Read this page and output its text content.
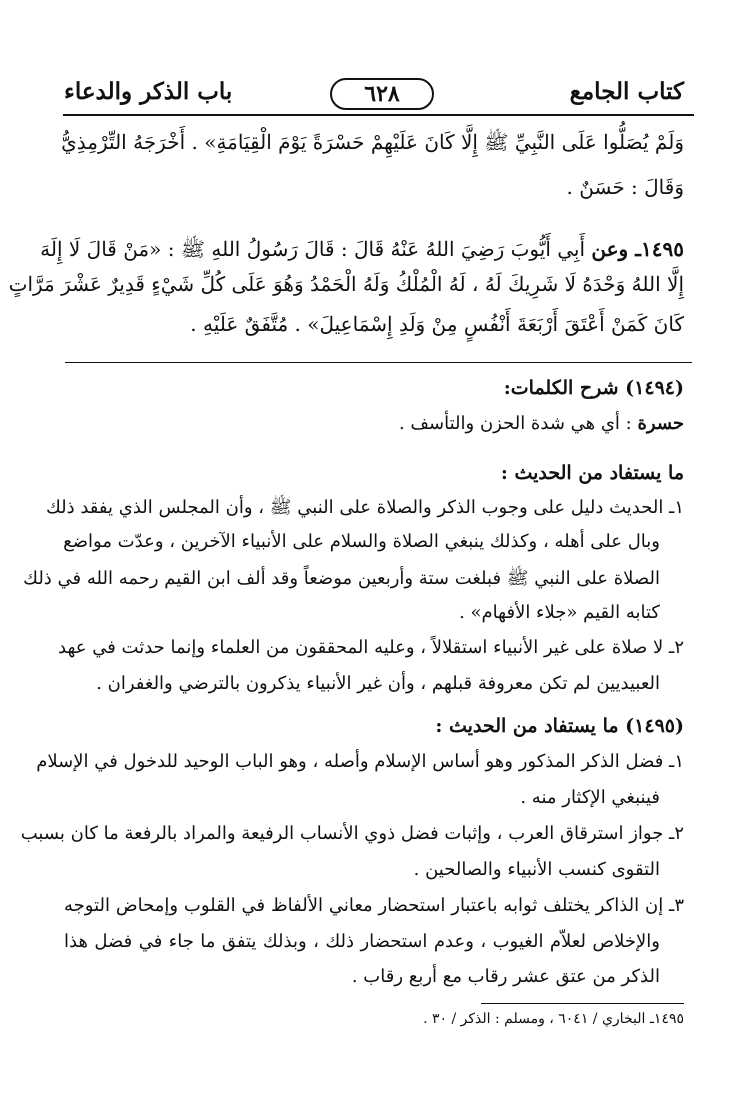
كتاب الجامع
٦٢٨
باب الذكر والدعاء
وَلَمْ يُصَلُّوا عَلَى النَّبِيِّ ﷺ إِلَّا كَانَ عَلَيْهِمْ حَسْرَةً يَوْمَ الْقِيَامَةِ» . أَخْرَجَهُ التِّرْمِذِيُّ
وَقَالَ : حَسَنٌ .
١٤٩٥ـ وعن أَبِي أَيُّوبَ رَضِيَ اللهُ عَنْهُ قَالَ : قَالَ رَسُولُ اللهِ ﷺ : «مَنْ قَالَ لَا إِلَهَ
إِلَّا اللهُ وَحْدَهُ لَا شَرِيكَ لَهُ ، لَهُ الْمُلْكُ وَلَهُ الْحَمْدُ وَهُوَ عَلَى كُلِّ شَيْءٍ قَدِيرٌ عَشْرَ مَرَّاتٍ
كَانَ كَمَنْ أَعْتَقَ أَرْبَعَةَ أَنْفُسٍ مِنْ وَلَدِ إِسْمَاعِيلَ» . مُتَّفَقٌ عَلَيْهِ .
(١٤٩٤) شرح الكلمات:
حسرة : أي هي شدة الحزن والتأسف .
ما يستفاد من الحديث :
١ـ الحديث دليل على وجوب الذكر والصلاة على النبي ﷺ ، وأن المجلس الذي يفقد ذلك
وبال على أهله ، وكذلك ينبغي الصلاة والسلام على الأنبياء الآخرين ، وعدّت مواضع
الصلاة على النبي ﷺ فبلغت ستة وأربعين موضعاً وقد ألف ابن القيم رحمه الله في ذلك
كتابه القيم «جلاء الأفهام» .
٢ـ لا صلاة على غير الأنبياء استقلالاً ، وعليه المحققون من العلماء وإنما حدثت في عهد
العبيديين لم تكن معروفة قبلهم ، وأن غير الأنبياء يذكرون بالترضي والغفران .
(١٤٩٥) ما يستفاد من الحديث :
١ـ فضل الذكر المذكور وهو أساس الإسلام وأصله ، وهو الباب الوحيد للدخول في الإسلام
فينبغي الإكثار منه .
٢ـ جواز استرقاق العرب ، وإثبات فضل ذوي الأنساب الرفيعة والمراد بالرفعة ما كان بسبب
التقوى كنسب الأنبياء والصالحين .
٣ـ إن الذاكر يختلف ثوابه باعتبار استحضار معاني الألفاظ في القلوب وإمحاض التوجه
والإخلاص لعلاّم الغيوب ، وعدم استحضار ذلك ، وبذلك يتفق ما جاء في فضل هذا
الذكر من عتق عشر رقاب مع أربع رقاب .
١٤٩٥ـ البخاري / ٦٠٤١ ، ومسلم : الذكر / ٣٠ .
